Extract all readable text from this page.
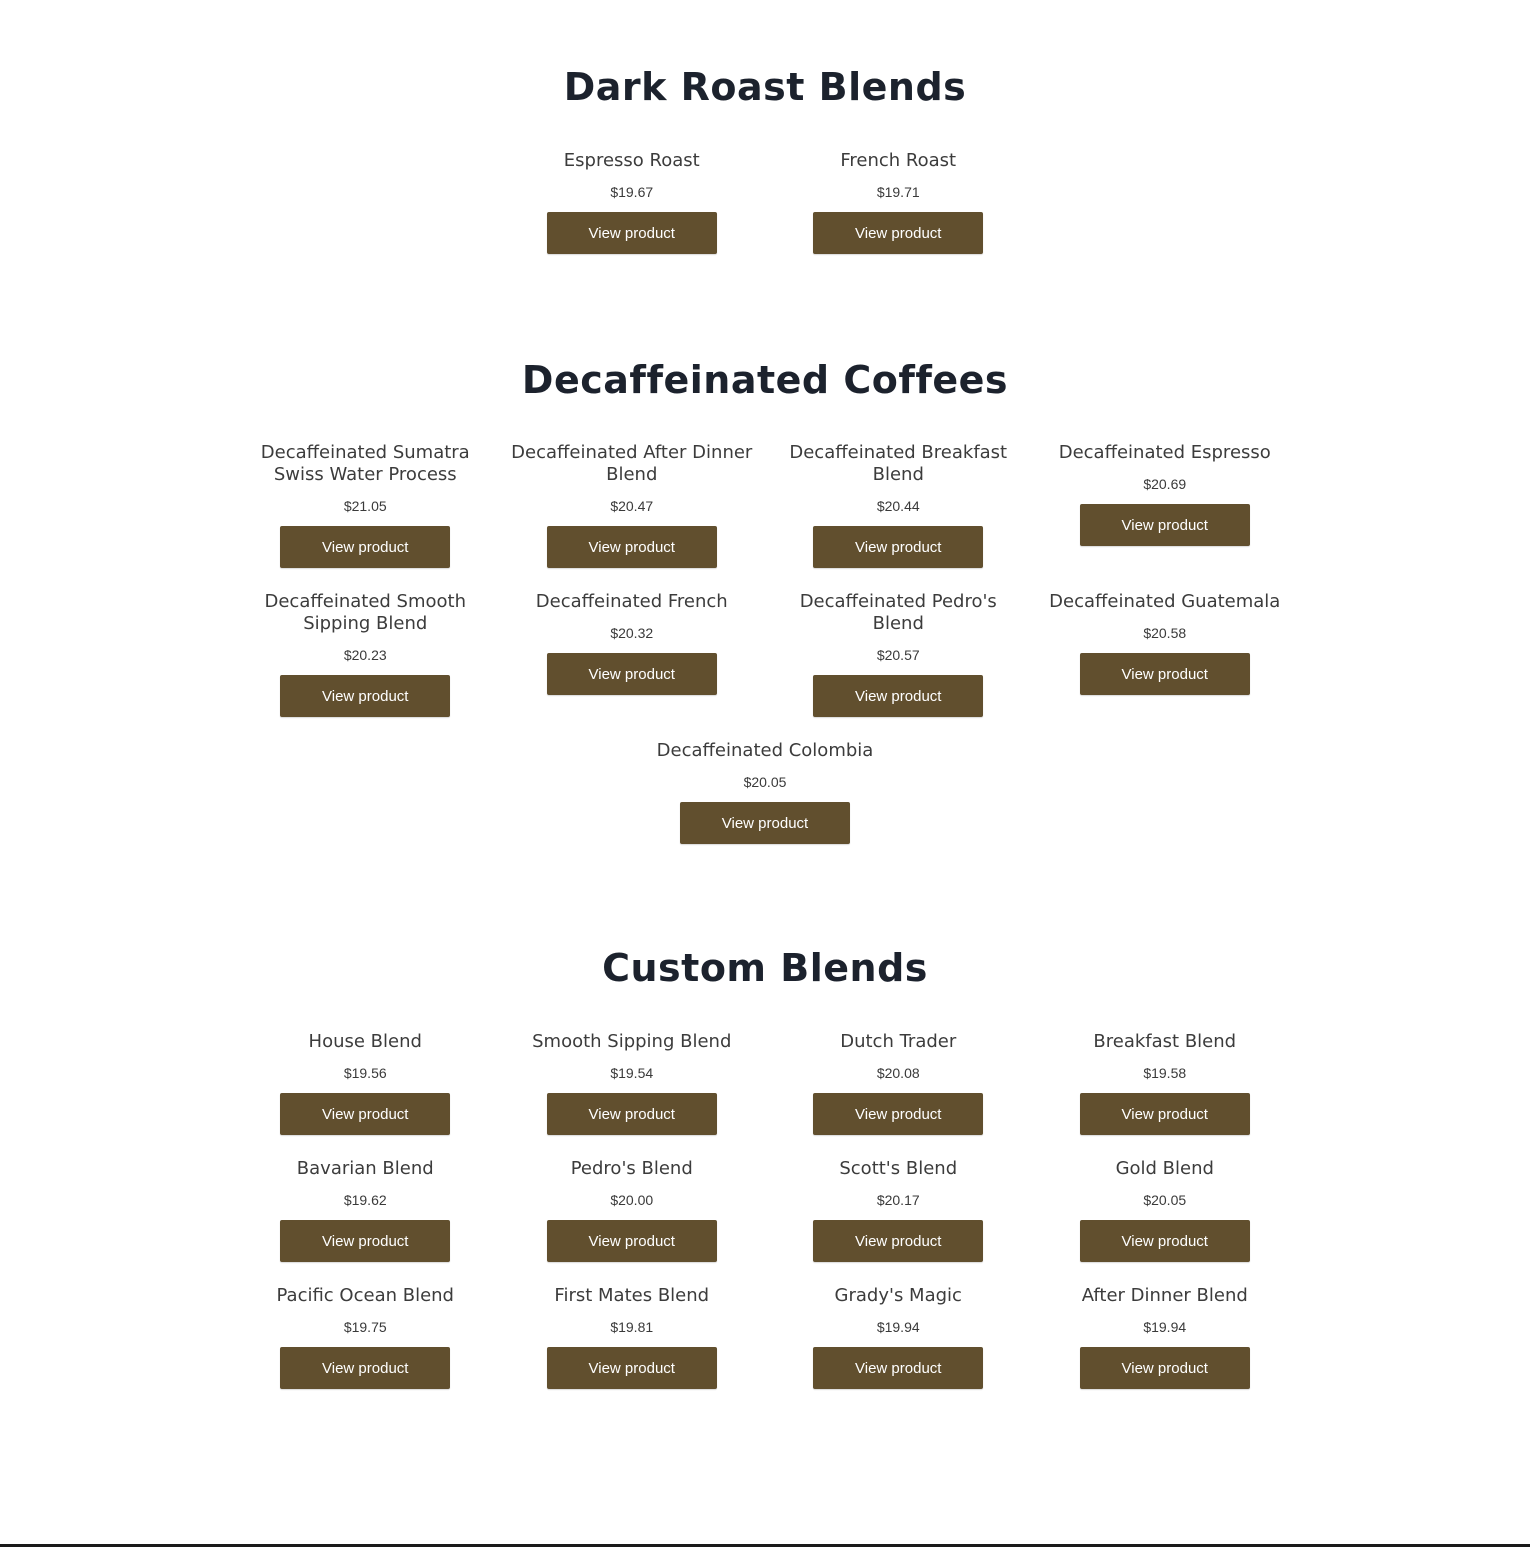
Dark Roast Blends
Espresso Roast
$19.67
View product
French Roast
$19.71
View product
Decaffeinated Coffees
Decaffeinated Sumatra Swiss Water Process
$21.05
View product
Decaffeinated After Dinner Blend
$20.47
View product
Decaffeinated Breakfast Blend
$20.44
View product
Decaffeinated Espresso
$20.69
View product
Decaffeinated Smooth Sipping Blend
$20.23
View product
Decaffeinated French
$20.32
View product
Decaffeinated Pedro's Blend
$20.57
View product
Decaffeinated Guatemala
$20.58
View product
Decaffeinated Colombia
$20.05
View product
Custom Blends
House Blend
$19.56
View product
Smooth Sipping Blend
$19.54
View product
Dutch Trader
$20.08
View product
Breakfast Blend
$19.58
View product
Bavarian Blend
$19.62
View product
Pedro's Blend
$20.00
View product
Scott's Blend
$20.17
View product
Gold Blend
$20.05
View product
Pacific Ocean Blend
$19.75
View product
First Mates Blend
$19.81
View product
Grady's Magic
$19.94
View product
After Dinner Blend
$19.94
View product
